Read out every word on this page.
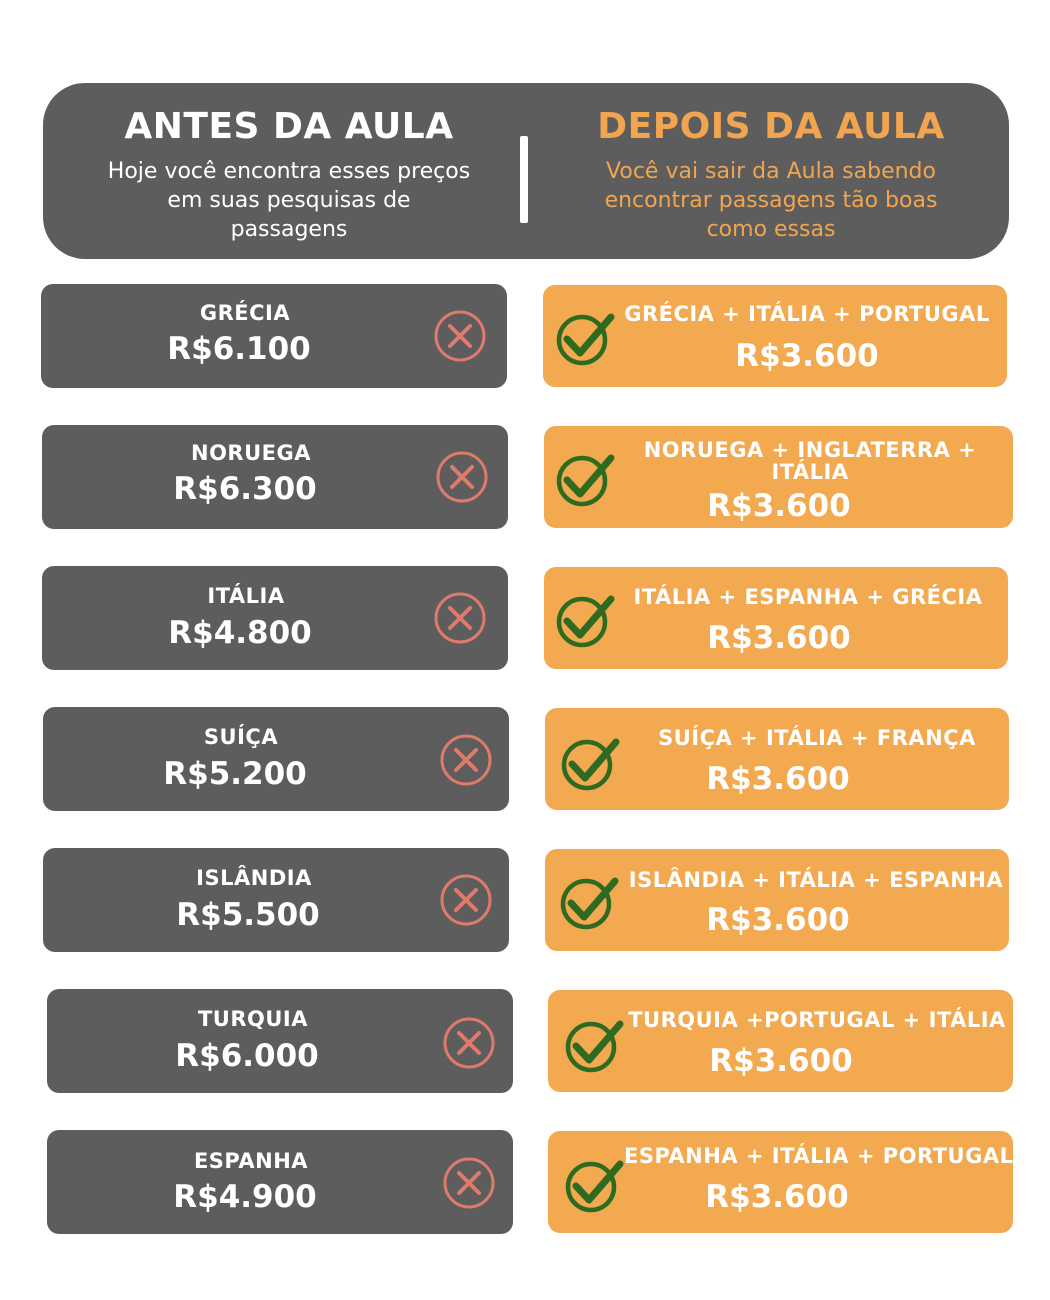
ANTES DA AULA
Hoje você encontra esses preços
em suas pesquisas de
passagens
DEPOIS DA AULA
Você vai sair da Aula sabendo
encontrar passagens tão boas
como essas
GRÉCIA
R$6.100
GRÉCIA + ITÁLIA + PORTUGAL
R$3.600
NORUEGA
R$6.300
NORUEGA + INGLATERRA + ITÁLIA
R$3.600
ITÁLIA
R$4.800
ITÁLIA + ESPANHA + GRÉCIA
R$3.600
SUÍÇA
R$5.200
SUÍÇA + ITÁLIA + FRANÇA
R$3.600
ISLÂNDIA
R$5.500
ISLÂNDIA + ITÁLIA + ESPANHA
R$3.600
TURQUIA
R$6.000
TURQUIA +PORTUGAL + ITÁLIA
R$3.600
ESPANHA
R$4.900
ESPANHA + ITÁLIA + PORTUGAL
R$3.600
